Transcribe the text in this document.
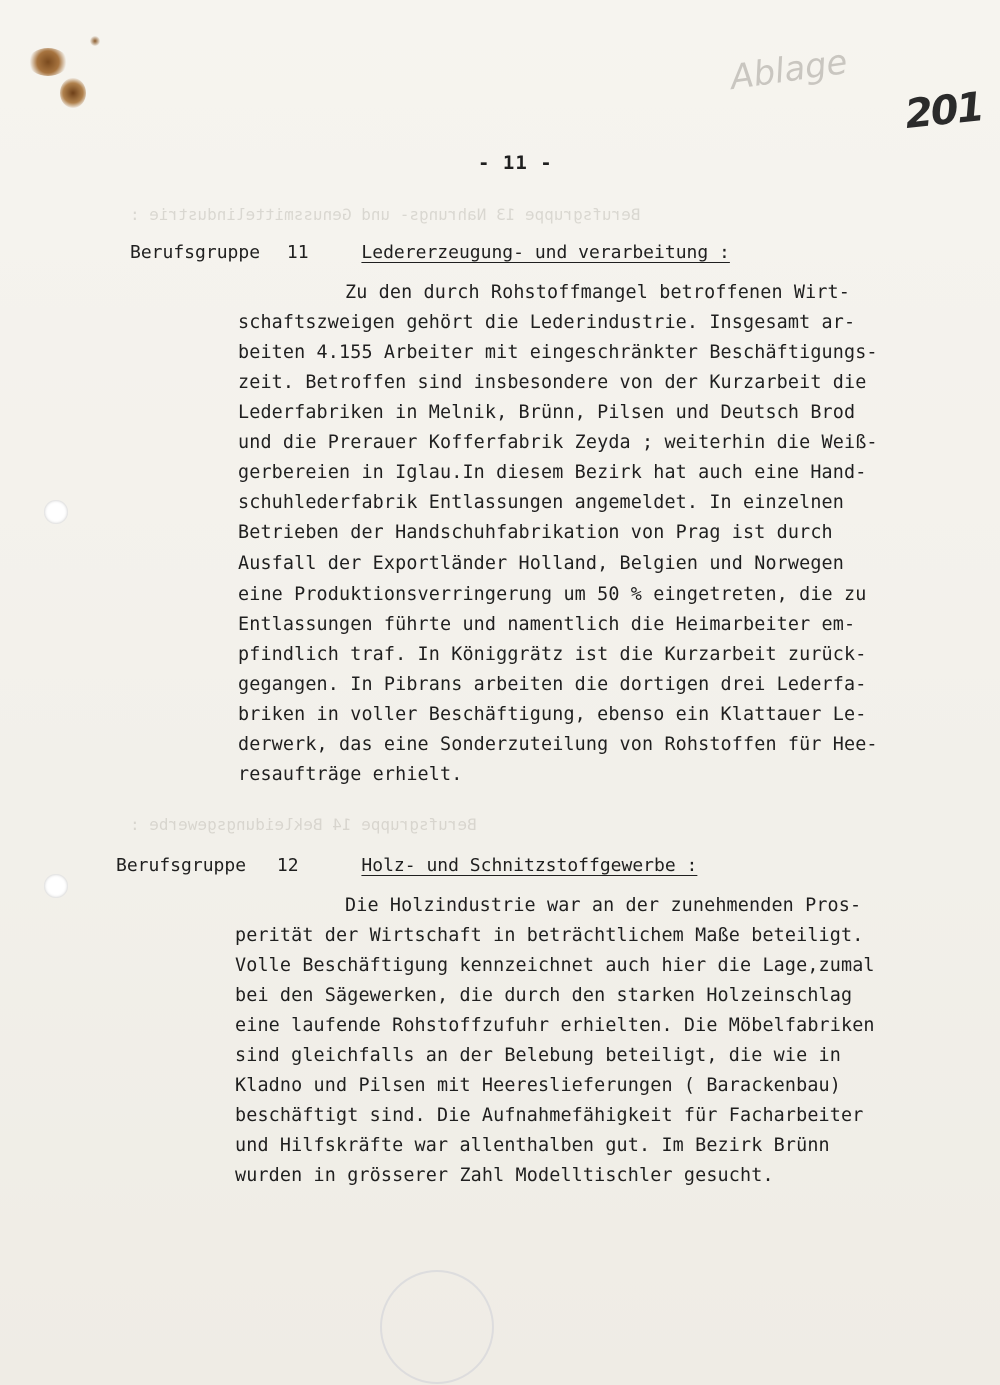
Berufsgruppe 13 Nahrungs- und Genussmittelindustrie :
Berufsgruppe 14 Bekleidungsgewerbe :
Ablage
201
- 11 -
Berufsgruppe 11	Ledererzeugung- und verarbeitung :
Zu den durch Rohstoffmangel betroffenen Wirt-
schaftszweigen gehört die Lederindustrie. Insgesamt ar-
beiten 4.155 Arbeiter mit eingeschränkter Beschäftigungs-
zeit. Betroffen sind insbesondere von der Kurzarbeit die
Lederfabriken in Melnik, Brünn, Pilsen und Deutsch Brod
und die Prerauer Kofferfabrik Zeyda ; weiterhin die Weiß-
gerbereien in Iglau.In diesem Bezirk hat auch eine Hand-
schuhlederfabrik Entlassungen angemeldet. In einzelnen
Betrieben der Handschuhfabrikation von Prag ist durch
Ausfall der Exportländer Holland, Belgien und Norwegen
eine Produktionsverringerung um 50 % eingetreten, die zu
Entlassungen führte und namentlich die Heimarbeiter em-
pfindlich traf. In Königgrätz ist die Kurzarbeit zurück-
gegangen. In Pibrans arbeiten die dortigen drei Lederfa-
briken in voller Beschäftigung, ebenso ein Klattauer Le-
derwerk, das eine Sonderzuteilung von Rohstoffen für Hee-
resaufträge erhielt.
Berufsgruppe 12	Holz- und Schnitzstoffgewerbe :
Die Holzindustrie war an der zunehmenden Pros-
perität der Wirtschaft in beträchtlichem Maße beteiligt.
Volle Beschäftigung kennzeichnet auch hier die Lage,zumal
bei den Sägewerken, die durch den starken Holzeinschlag
eine laufende Rohstoffzufuhr erhielten. Die Möbelfabriken
sind gleichfalls an der Belebung beteiligt, die wie in
Kladno und Pilsen mit Heereslieferungen ( Barackenbau)
beschäftigt sind. Die Aufnahmefähigkeit für Facharbeiter
und Hilfskräfte war allenthalben gut. Im Bezirk Brünn
wurden in grösserer Zahl Modelltischler gesucht.
